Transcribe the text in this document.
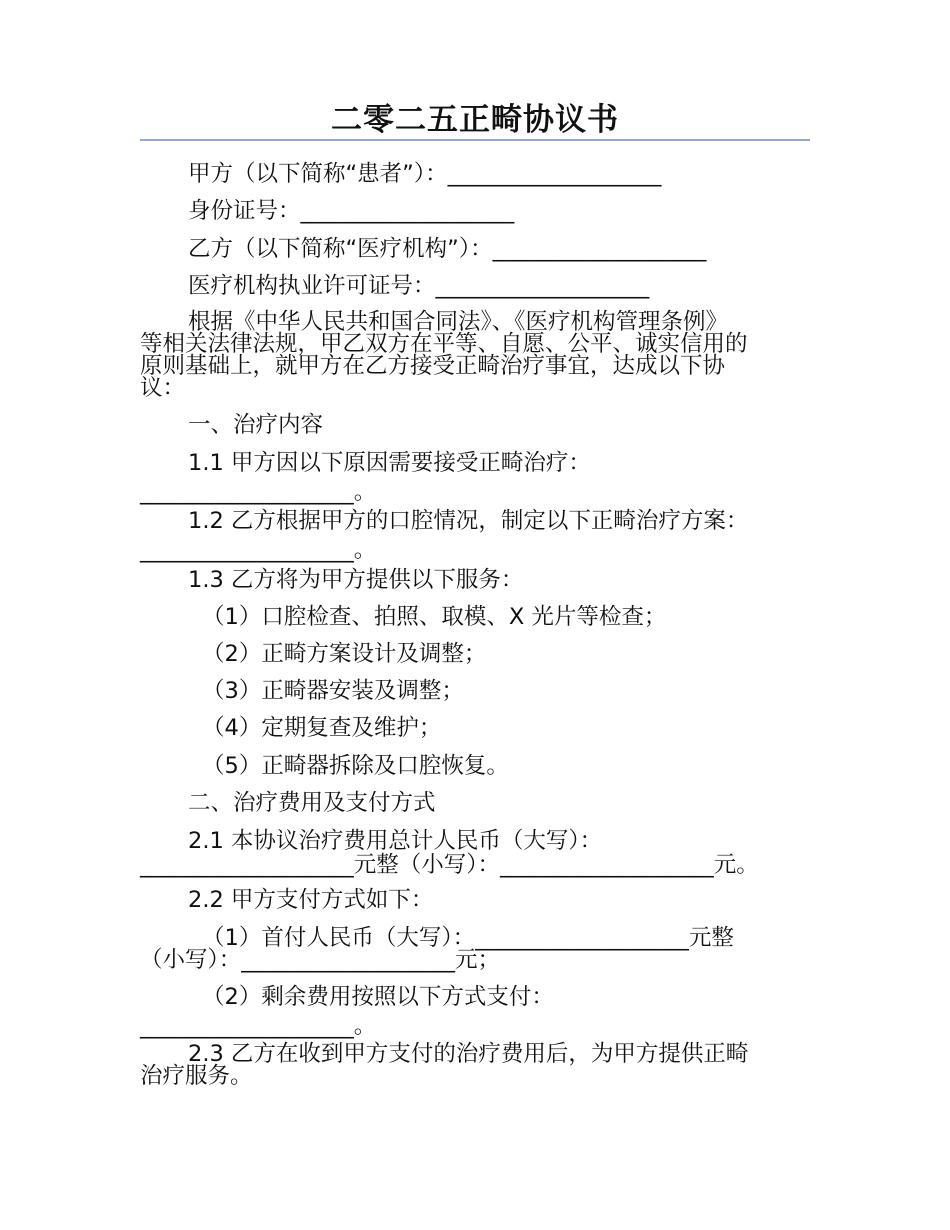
二零二五正畸协议书
甲方（以下简称“患者”）：___________________
身份证号：___________________
乙方（以下简称“医疗机构”）：___________________
医疗机构执业许可证号：___________________
根据《中华人民共和国合同法》、《医疗机构管理条例》
等相关法律法规，甲乙双方在平等、自愿、公平、诚实信用的
原则基础上，就甲方在乙方接受正畸治疗事宜，达成以下协
议：
一、治疗内容
1.1 甲方因以下原因需要接受正畸治疗：
___________________。
1.2 乙方根据甲方的口腔情况，制定以下正畸治疗方案：
___________________。
1.3 乙方将为甲方提供以下服务：
（1）口腔检查、拍照、取模、X 光片等检查；
（2）正畸方案设计及调整；
（3）正畸器安装及调整；
（4）定期复查及维护；
（5）正畸器拆除及口腔恢复。
二、治疗费用及支付方式
2.1 本协议治疗费用总计人民币（大写）：
___________________元整（小写）：___________________元。
2.2 甲方支付方式如下：
（1）首付人民币（大写）：___________________元整
（小写）：___________________元；
（2）剩余费用按照以下方式支付：
___________________。
2.3 乙方在收到甲方支付的治疗费用后，为甲方提供正畸
治疗服务。
